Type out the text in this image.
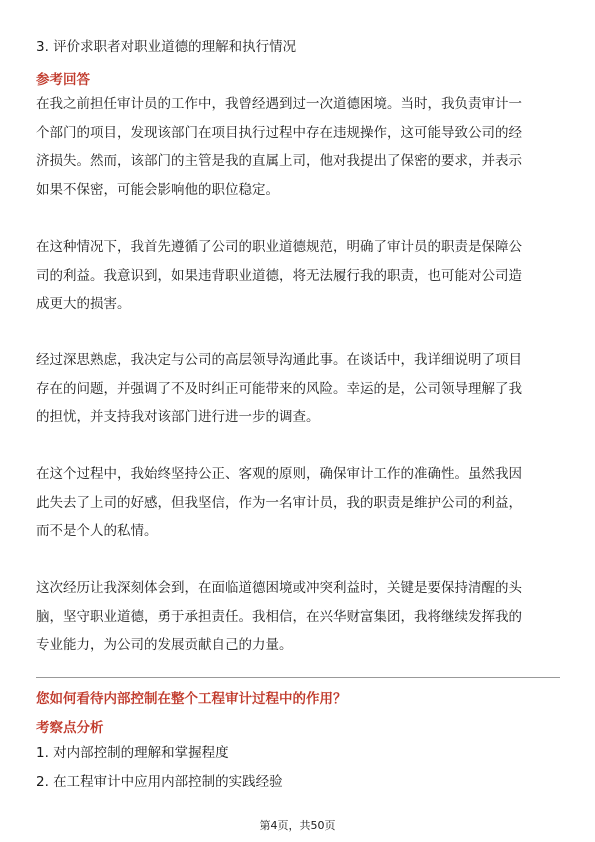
3. 评价求职者对职业道德的理解和执行情况
参考回答
在我之前担任审计员的工作中，我曾经遇到过一次道德困境。当时，我负责审计一
个部门的项目，发现该部门在项目执行过程中存在违规操作，这可能导致公司的经
济损失。然而，该部门的主管是我的直属上司，他对我提出了保密的要求，并表示
如果不保密，可能会影响他的职位稳定。
在这种情况下，我首先遵循了公司的职业道德规范，明确了审计员的职责是保障公
司的利益。我意识到，如果违背职业道德，将无法履行我的职责，也可能对公司造
成更大的损害。
经过深思熟虑，我决定与公司的高层领导沟通此事。在谈话中，我详细说明了项目
存在的问题，并强调了不及时纠正可能带来的风险。幸运的是，公司领导理解了我
的担忧，并支持我对该部门进行进一步的调查。
在这个过程中，我始终坚持公正、客观的原则，确保审计工作的准确性。虽然我因
此失去了上司的好感，但我坚信，作为一名审计员，我的职责是维护公司的利益，
而不是个人的私情。
这次经历让我深刻体会到，在面临道德困境或冲突利益时，关键是要保持清醒的头
脑，坚守职业道德，勇于承担责任。我相信，在兴华财富集团，我将继续发挥我的
专业能力，为公司的发展贡献自己的力量。
您如何看待内部控制在整个工程审计过程中的作用？
考察点分析
1. 对内部控制的理解和掌握程度
2. 在工程审计中应用内部控制的实践经验
第4页，共50页
